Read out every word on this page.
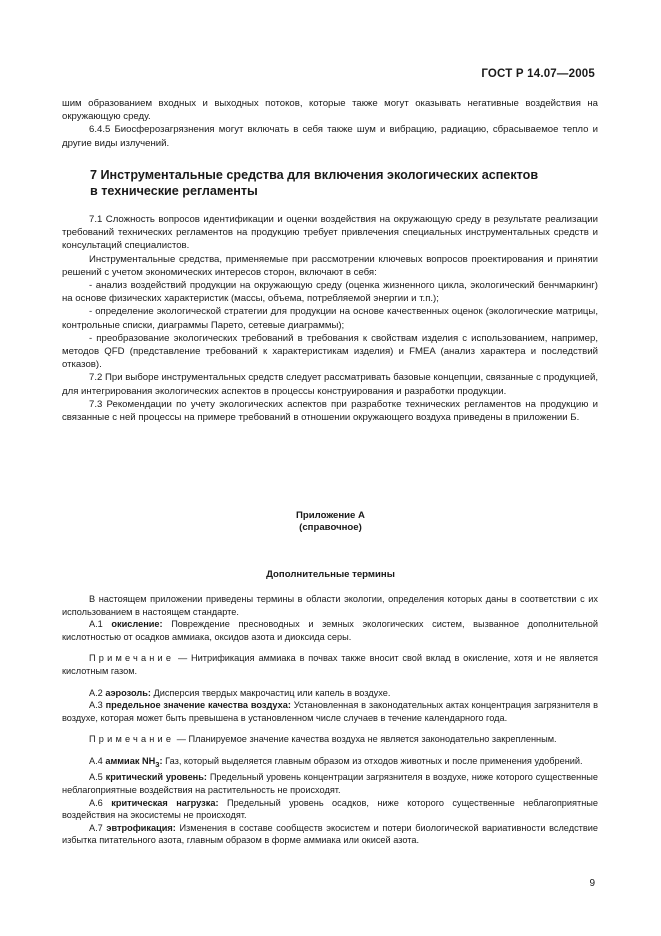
ГОСТ Р 14.07—2005

шим образованием входных и выходных потоков, которые также могут оказывать негативные воздействия на окружающую среду.

6.4.5 Биосферозагрязнения могут включать в себя также шум и вибрацию, радиацию, сбрасываемое тепло и другие виды излучений.

7 Инструментальные средства для включения экологических аспектов
в технические регламенты

7.1 Сложность вопросов идентификации и оценки воздействия на окружающую среду в результате реализации требований технических регламентов на продукцию требует привлечения специальных инструментальных средств и консультаций специалистов.

Инструментальные средства, применяемые при рассмотрении ключевых вопросов проектирования и принятии решений с учетом экономических интересов сторон, включают в себя:

- анализ воздействий продукции на окружающую среду (оценка жизненного цикла, экологический бенчмаркинг) на основе физических характеристик (массы, объема, потребляемой энергии и т.п.);

- определение экологической стратегии для продукции на основе качественных оценок (экологические матрицы, контрольные списки, диаграммы Парето, сетевые диаграммы);

- преобразование экологических требований в требования к свойствам изделия с использованием, например, методов QFD (представление требований к характеристикам изделия) и FMEA (анализ характера и последствий отказов).

7.2 При выборе инструментальных средств следует рассматривать базовые концепции, связанные с продукцией, для интегрирования экологических аспектов в процессы конструирования и разработки продукции.

7.3 Рекомендации по учету экологических аспектов при разработке технических регламентов на продукцию и связанные с ней процессы на примере требований в отношении окружающего воздуха приведены в приложении Б.

Приложение А
(справочное)
Дополнительные термины

В настоящем приложении приведены термины в области экологии, определения которых даны в соответствии с их использованием в настоящем стандарте.

А.1 окисление: Повреждение пресноводных и земных экологических систем, вызванное дополнительной кислотностью от осадков аммиака, оксидов азота и диоксида серы.

Примечание — Нитрификация аммиака в почвах также вносит свой вклад в окисление, хотя и не является кислотным газом.

А.2 аэрозоль: Дисперсия твердых макрочастиц или капель в воздухе.

А.3 предельное значение качества воздуха: Установленная в законодательных актах концентрация загрязнителя в воздухе, которая может быть превышена в установленном числе случаев в течение календарного года.

Примечание — Планируемое значение качества воздуха не является законодательно закрепленным.

А.4 аммиак $NH_3$: Газ, который выделяется главным образом из отходов животных и после применения удобрений.

А.5 критический уровень: Предельный уровень концентрации загрязнителя в воздухе, ниже которого существенные неблагоприятные воздействия на растительность не происходят.

А.6 критическая нагрузка: Предельный уровень осадков, ниже которого существенные неблагоприятные воздействия на экосистемы не происходят.

А.7 эвтрофикация: Изменения в составе сообществ экосистем и потери биологической вариативности вследствие избытка питательного азота, главным образом в форме аммиака или окисей азота.

9
